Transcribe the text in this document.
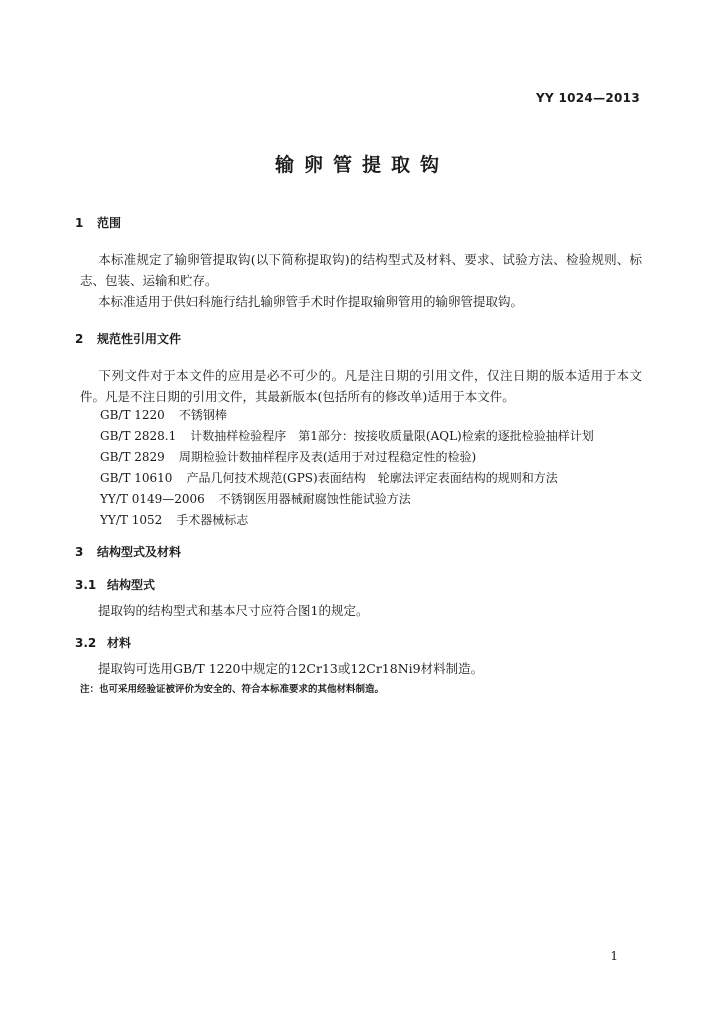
YY 1024—2013
输卵管提取钩
1 范围
本标准规定了输卵管提取钩(以下简称提取钩)的结构型式及材料、要求、试验方法、检验规则、标志、包装、运输和贮存。
本标准适用于供妇科施行结扎输卵管手术时作提取输卵管用的输卵管提取钩。
2 规范性引用文件
下列文件对于本文件的应用是必不可少的。凡是注日期的引用文件，仅注日期的版本适用于本文件。凡是不注日期的引用文件，其最新版本(包括所有的修改单)适用于本文件。
GB/T 1220 不锈钢棒
GB/T 2828.1 计数抽样检验程序　第1部分：按接收质量限(AQL)检索的逐批检验抽样计划
GB/T 2829 周期检验计数抽样程序及表(适用于对过程稳定性的检验)
GB/T 10610 产品几何技术规范(GPS)表面结构　轮廓法评定表面结构的规则和方法
YY/T 0149—2006 不锈钢医用器械耐腐蚀性能试验方法
YY/T 1052 手术器械标志
3 结构型式及材料
3.1 结构型式
提取钩的结构型式和基本尺寸应符合图1的规定。
3.2 材料
提取钩可选用GB/T 1220中规定的12Cr13或12Cr18Ni9材料制造。
注：也可采用经验证被评价为安全的、符合本标准要求的其他材料制造。
1
